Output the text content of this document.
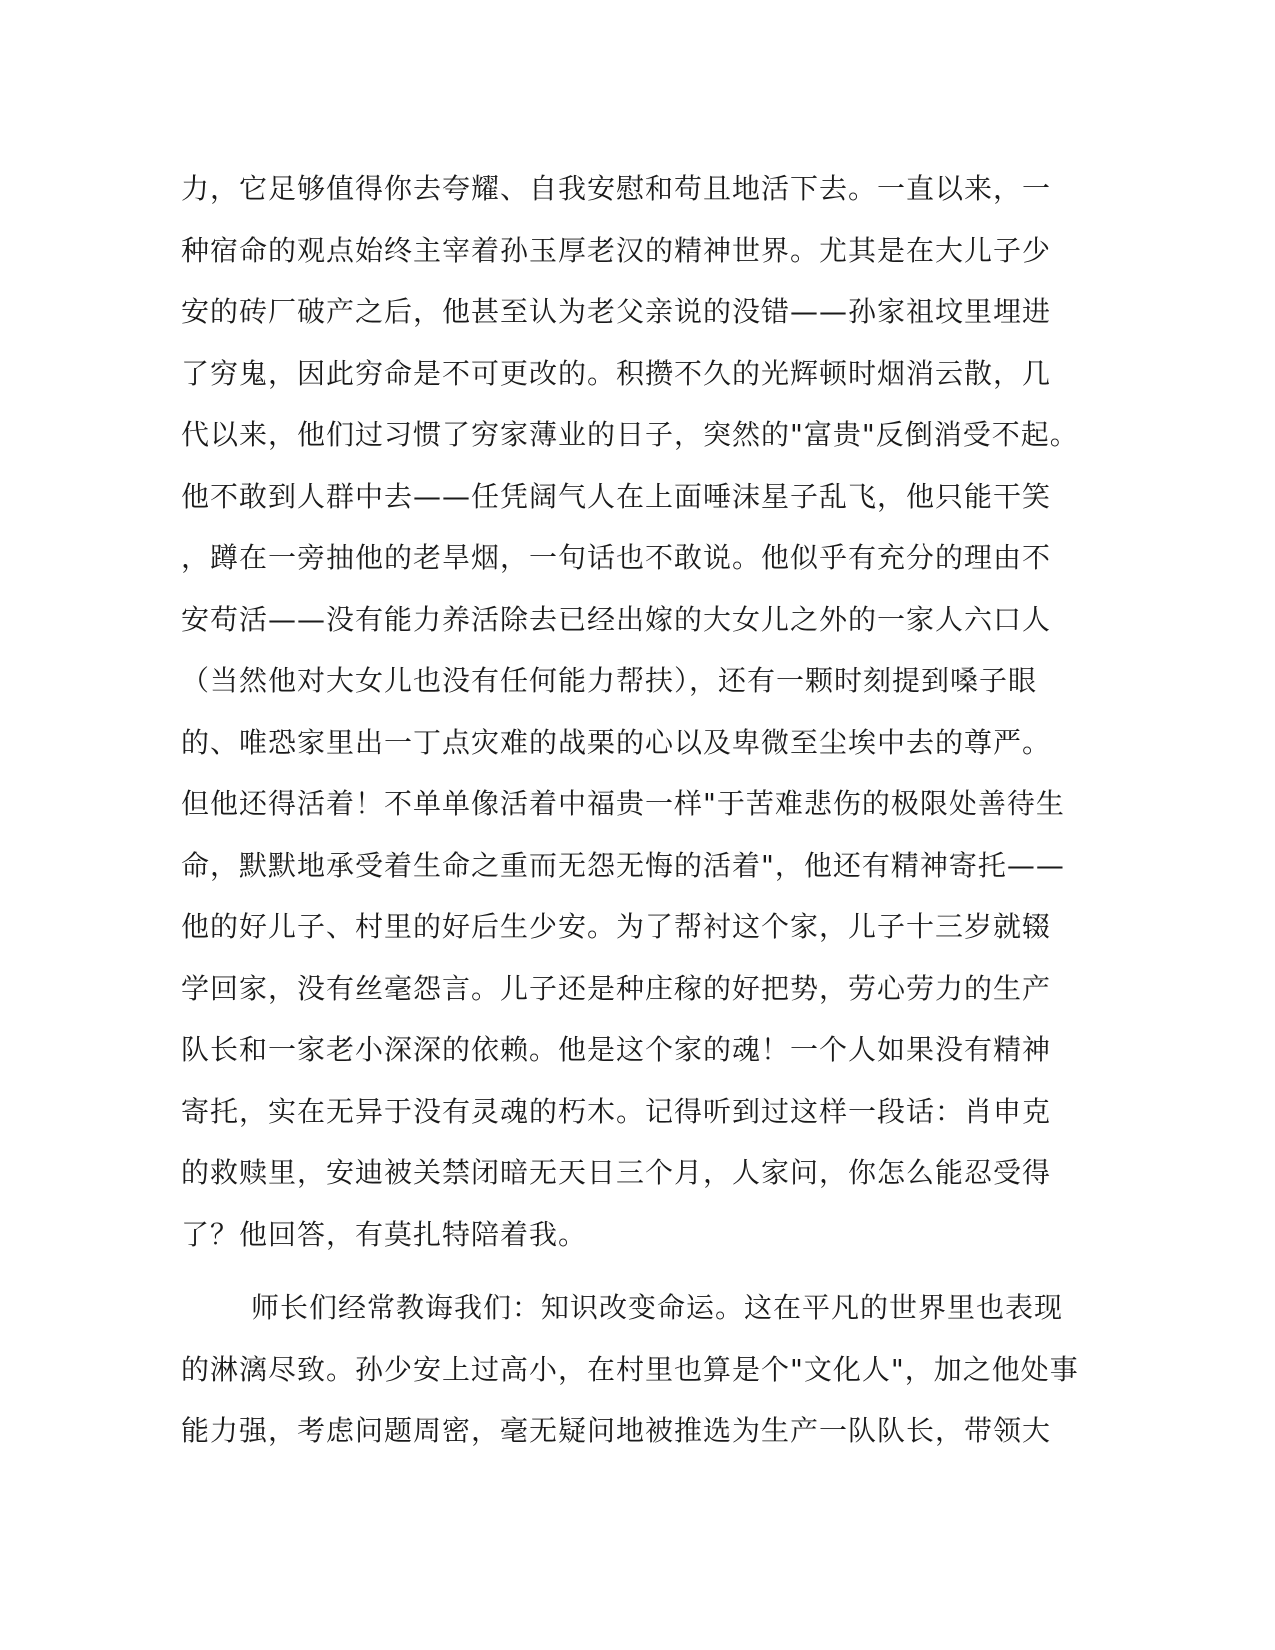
力，它足够值得你去夸耀、自我安慰和苟且地活下去。一直以来，一
种宿命的观点始终主宰着孙玉厚老汉的精神世界。尤其是在大儿子少
安的砖厂破产之后，他甚至认为老父亲说的没错——孙家祖坟里埋进
了穷鬼，因此穷命是不可更改的。积攒不久的光辉顿时烟消云散，几
代以来，他们过习惯了穷家薄业的日子，突然的"富贵"反倒消受不起。
他不敢到人群中去——任凭阔气人在上面唾沫星子乱飞，他只能干笑
，蹲在一旁抽他的老旱烟，一句话也不敢说。他似乎有充分的理由不
安苟活——没有能力养活除去已经出嫁的大女儿之外的一家人六口人
（当然他对大女儿也没有任何能力帮扶），还有一颗时刻提到嗓子眼
的、唯恐家里出一丁点灾难的战栗的心以及卑微至尘埃中去的尊严。
但他还得活着！不单单像活着中福贵一样"于苦难悲伤的极限处善待生
命，默默地承受着生命之重而无怨无悔的活着"，他还有精神寄托——
他的好儿子、村里的好后生少安。为了帮衬这个家，儿子十三岁就辍
学回家，没有丝毫怨言。儿子还是种庄稼的好把势，劳心劳力的生产
队长和一家老小深深的依赖。他是这个家的魂！一个人如果没有精神
寄托，实在无异于没有灵魂的朽木。记得听到过这样一段话：肖申克
的救赎里，安迪被关禁闭暗无天日三个月，人家问，你怎么能忍受得
了？他回答，有莫扎特陪着我。
师长们经常教诲我们：知识改变命运。这在平凡的世界里也表现
的淋漓尽致。孙少安上过高小，在村里也算是个"文化人"，加之他处事
能力强，考虑问题周密，毫无疑问地被推选为生产一队队长，带领大
